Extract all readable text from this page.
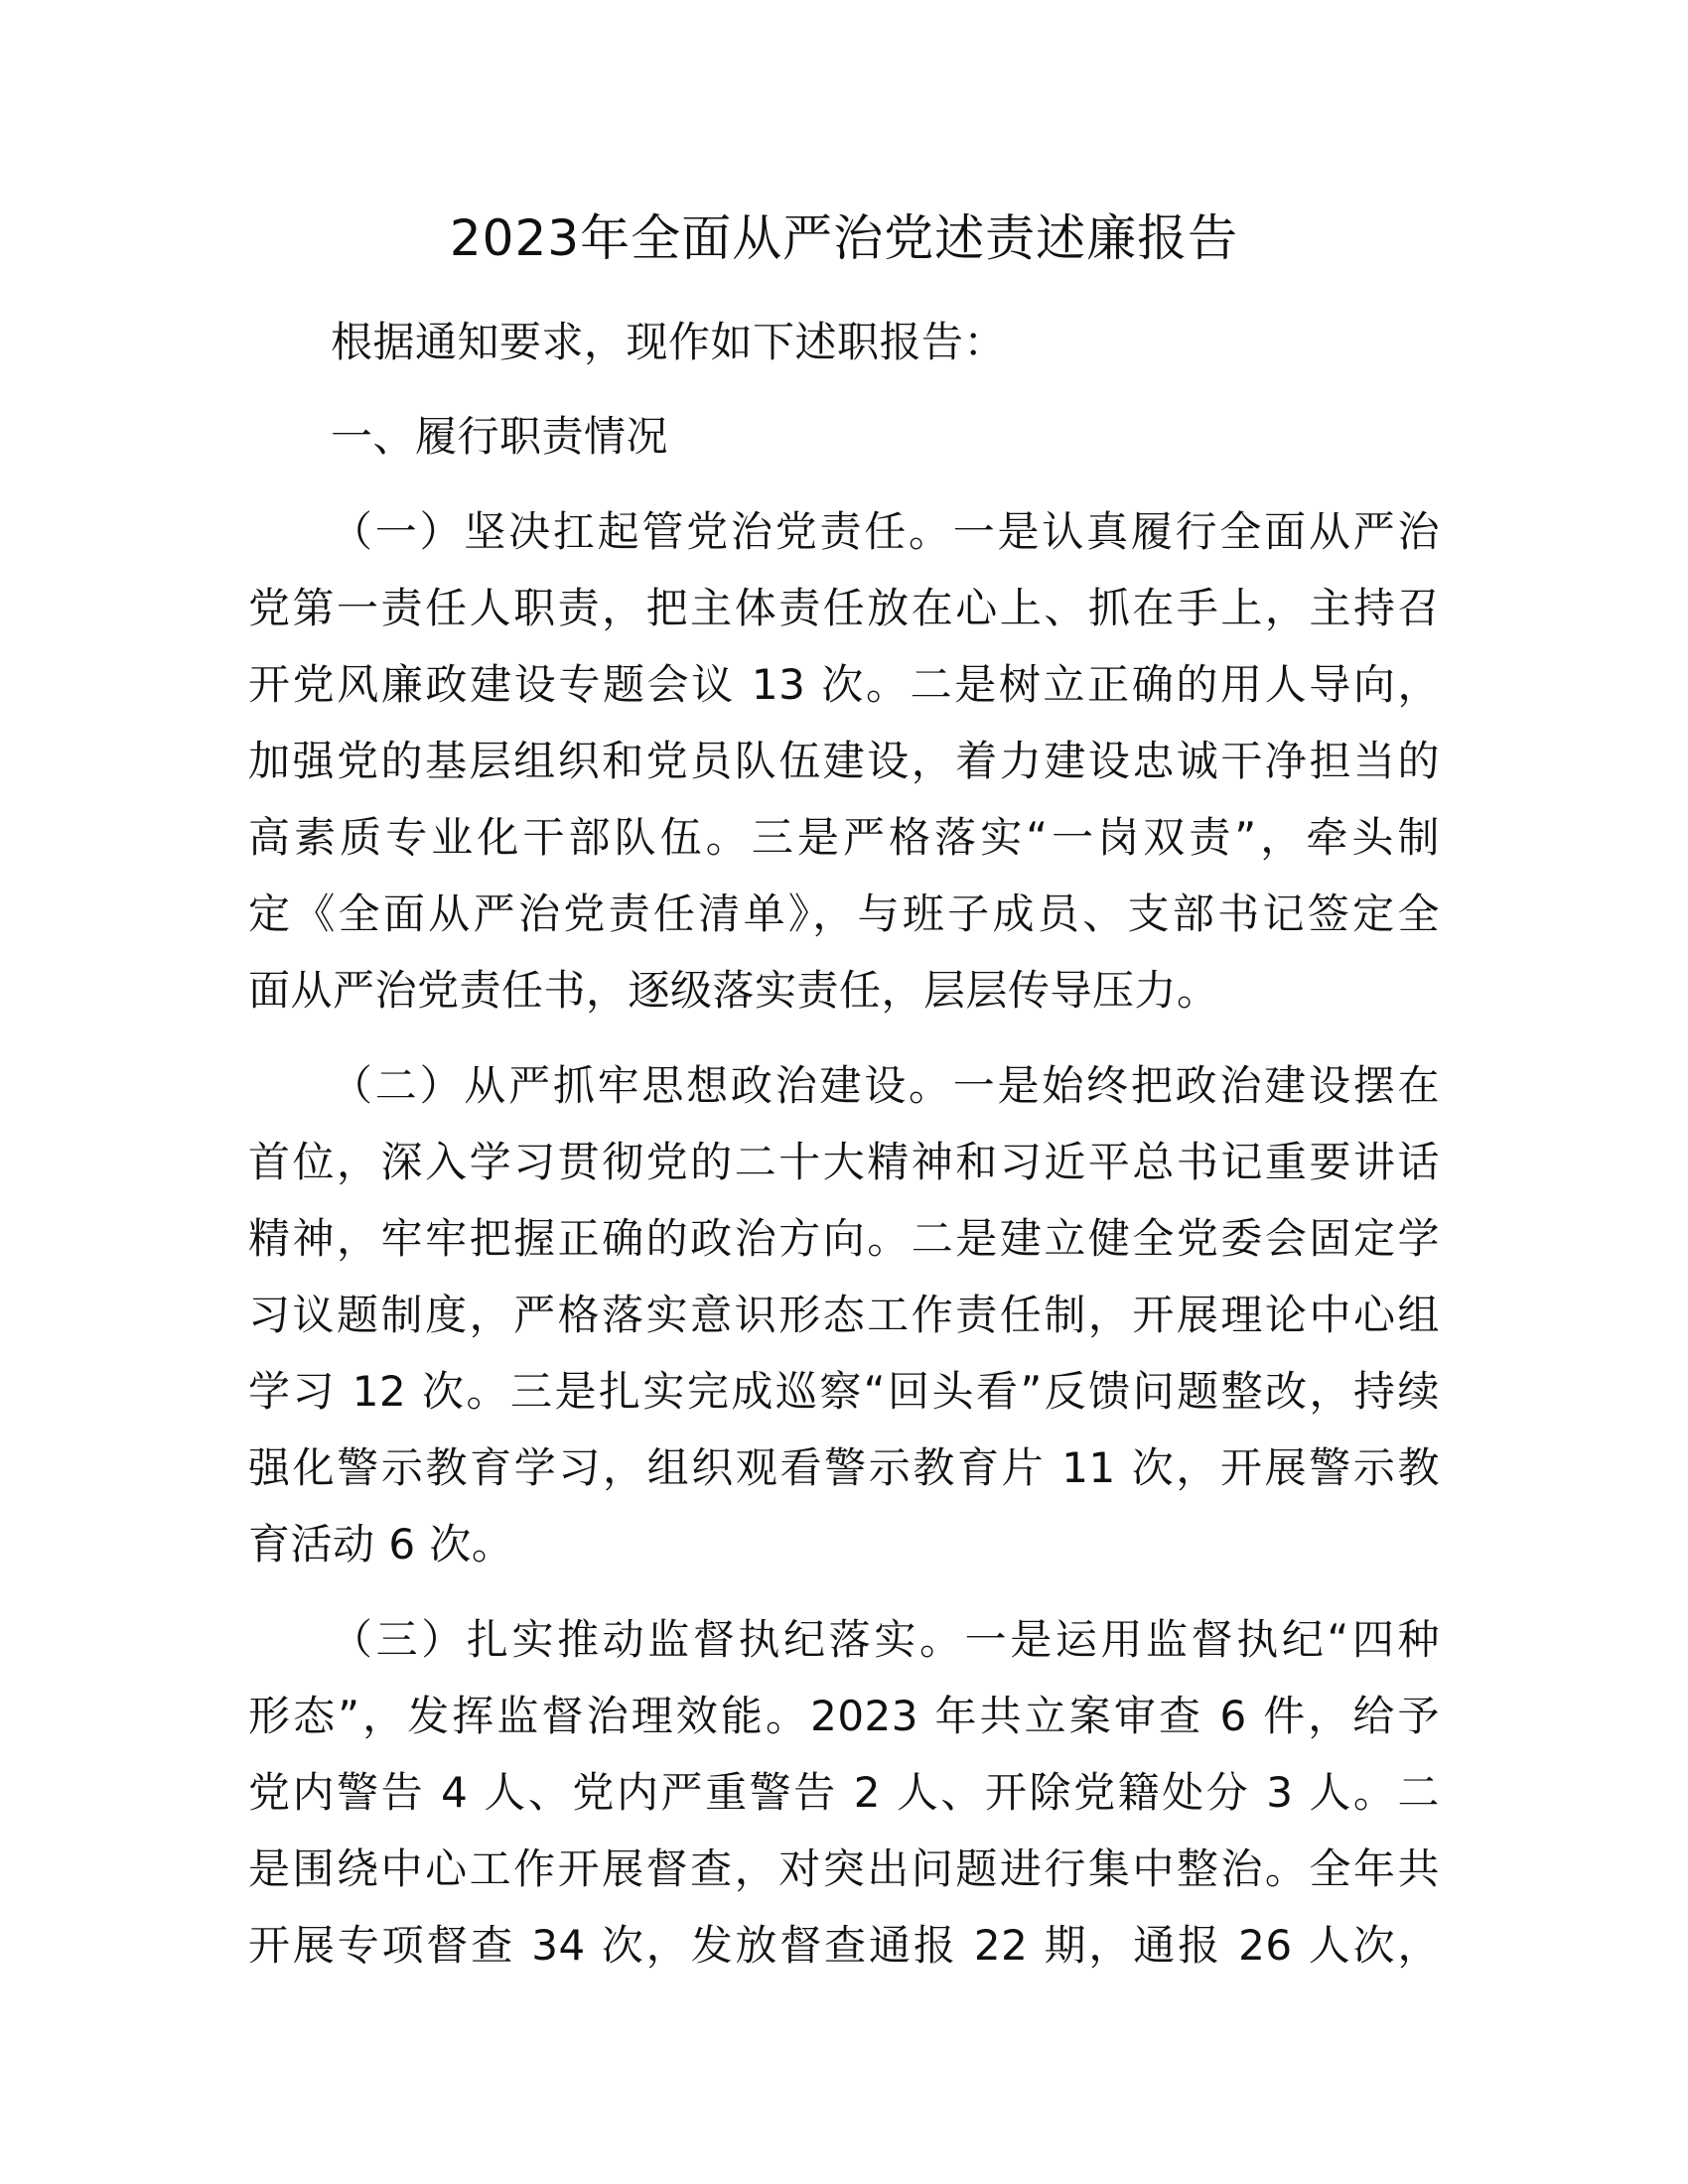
2023年全面从严治党述责述廉报告
根据通知要求，现作如下述职报告：
一、履行职责情况
（一）坚决扛起管党治党责任。一是认真履行全面从严治
党第一责任人职责，把主体责任放在心上、抓在手上，主持召
开党风廉政建设专题会议 13 次。二是树立正确的用人导向，
加强党的基层组织和党员队伍建设，着力建设忠诚干净担当的
高素质专业化干部队伍。三是严格落实“一岗双责”，牵头制
定《全面从严治党责任清单》，与班子成员、支部书记签定全
面从严治党责任书，逐级落实责任，层层传导压力。
（二）从严抓牢思想政治建设。一是始终把政治建设摆在
首位，深入学习贯彻党的二十大精神和习近平总书记重要讲话
精神，牢牢把握正确的政治方向。二是建立健全党委会固定学
习议题制度，严格落实意识形态工作责任制，开展理论中心组
学习 12 次。三是扎实完成巡察“回头看”反馈问题整改，持续
强化警示教育学习，组织观看警示教育片 11 次，开展警示教
育活动 6 次。
（三）扎实推动监督执纪落实。一是运用监督执纪“四种
形态”，发挥监督治理效能。2023 年共立案审查 6 件，给予
党内警告 4 人、党内严重警告 2 人、开除党籍处分 3 人。二
是围绕中心工作开展督查，对突出问题进行集中整治。全年共
开展专项督查 34 次，发放督查通报 22 期，通报 26 人次，
